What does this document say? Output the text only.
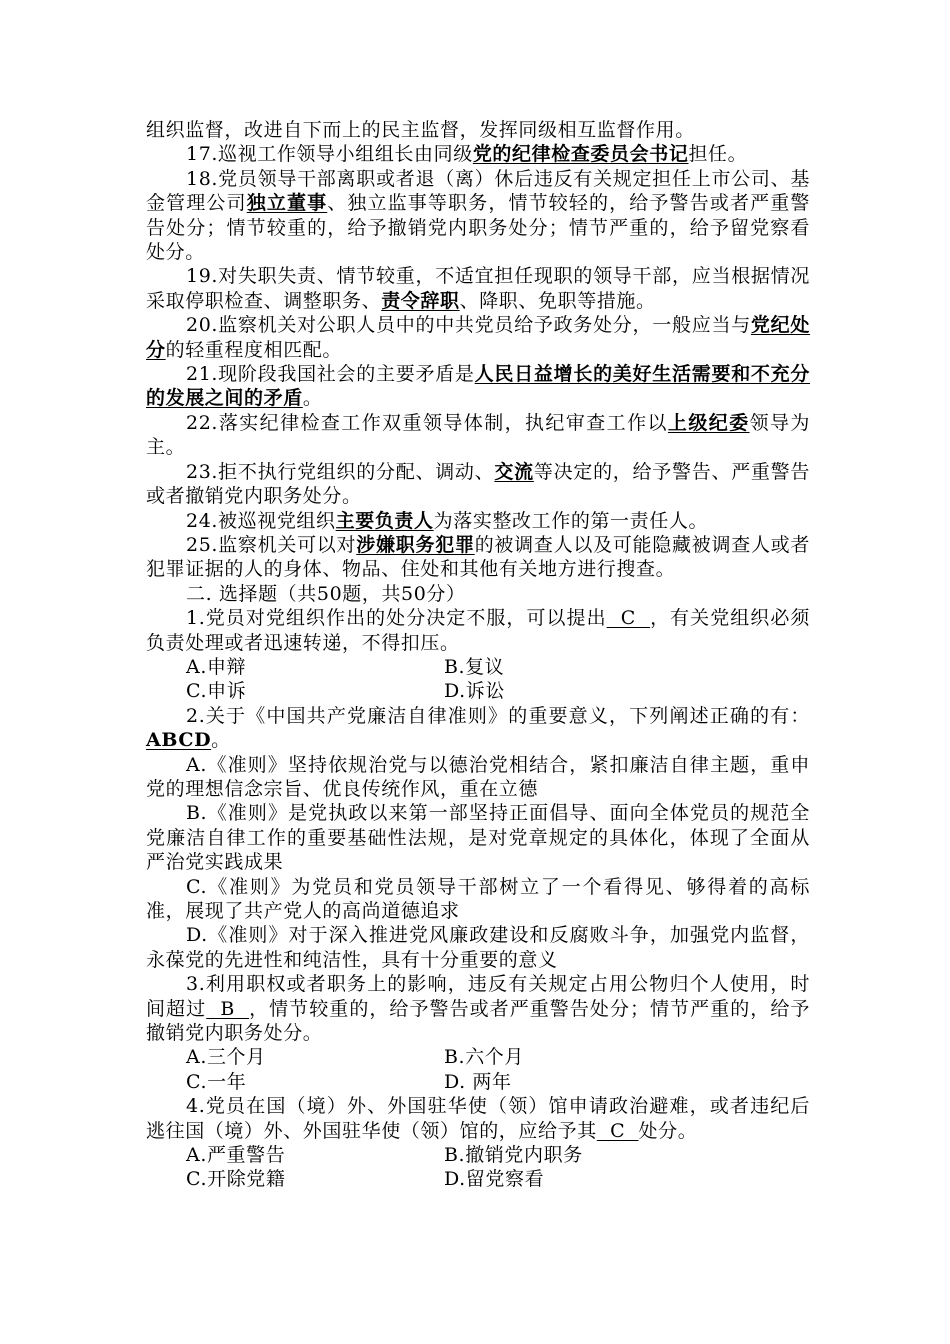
组织监督，改进自下而上的民主监督，发挥同级相互监督作用。

17.巡视工作领导小组组长由同级党的纪律检查委员会书记担任。

18.党员领导干部离职或者退（离）休后违反有关规定担任上市公司、基金管理公司独立董事、独立监事等职务，情节较轻的，给予警告或者严重警告处分；情节较重的，给予撤销党内职务处分；情节严重的，给予留党察看处分。

19.对失职失责、情节较重，不适宜担任现职的领导干部，应当根据情况采取停职检查、调整职务、责令辞职、降职、免职等措施。

20.监察机关对公职人员中的中共党员给予政务处分，一般应当与党纪处分的轻重程度相匹配。

21.现阶段我国社会的主要矛盾是人民日益增长的美好生活需要和不充分的发展之间的矛盾。

22.落实纪律检查工作双重领导体制，执纪审查工作以上级纪委领导为主。

23.拒不执行党组织的分配、调动、交流等决定的，给予警告、严重警告或者撤销党内职务处分。

24.被巡视党组织主要负责人为落实整改工作的第一责任人。

25.监察机关可以对涉嫌职务犯罪的被调查人以及可能隐藏被调查人或者犯罪证据的人的身体、物品、住处和其他有关地方进行搜查。

二. 选择题（共50题，共50分）

1.党员对党组织作出的处分决定不服，可以提出  C  ，有关党组织必须负责处理或者迅速转递，不得扣压。

A.申辩	B.复议
C.申诉	D.诉讼

2.关于《中国共产党廉洁自律准则》的重要意义，下列阐述正确的有：ABCD。

A.《准则》坚持依规治党与以德治党相结合，紧扣廉洁自律主题，重申党的理想信念宗旨、优良传统作风，重在立德

B.《准则》是党执政以来第一部坚持正面倡导、面向全体党员的规范全党廉洁自律工作的重要基础性法规，是对党章规定的具体化，体现了全面从严治党实践成果

C.《准则》为党员和党员领导干部树立了一个看得见、够得着的高标准，展现了共产党人的高尚道德追求

D.《准则》对于深入推进党风廉政建设和反腐败斗争，加强党内监督，永葆党的先进性和纯洁性，具有十分重要的意义

3.利用职权或者职务上的影响，违反有关规定占用公物归个人使用，时间超过  B  ，情节较重的，给予警告或者严重警告处分；情节严重的，给予撤销党内职务处分。

A.三个月	B.六个月
C.一年	D. 两年

4.党员在国（境）外、外国驻华使（领）馆申请政治避难，或者违纪后逃往国（境）外、外国驻华使（领）馆的，应给予其  C  处分。

A.严重警告	B.撤销党内职务
C.开除党籍	D.留党察看
